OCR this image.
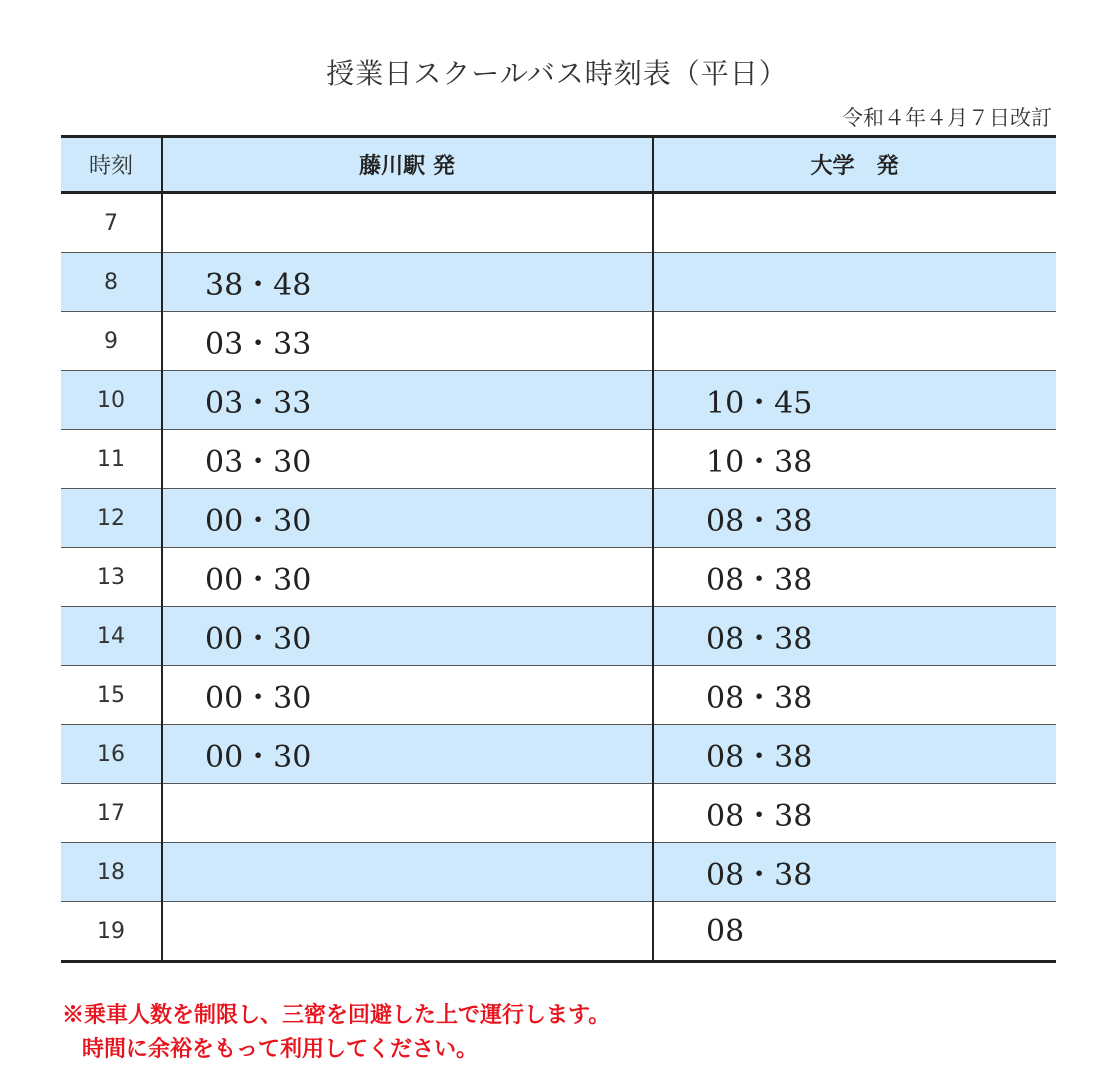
授業日スクールバス時刻表（平日）
令和４年４月７日改訂
時刻	藤川駅 発	大学　発
7		
8	38・48	
9	03・33	
10	03・33	10・45
11	03・30	10・38
12	00・30	08・38
13	00・30	08・38
14	00・30	08・38
15	00・30	08・38
16	00・30	08・38
17		08・38
18		08・38
19		08
※乗車人数を制限し、三密を回避した上で運行します。
時間に余裕をもって利用してください。
